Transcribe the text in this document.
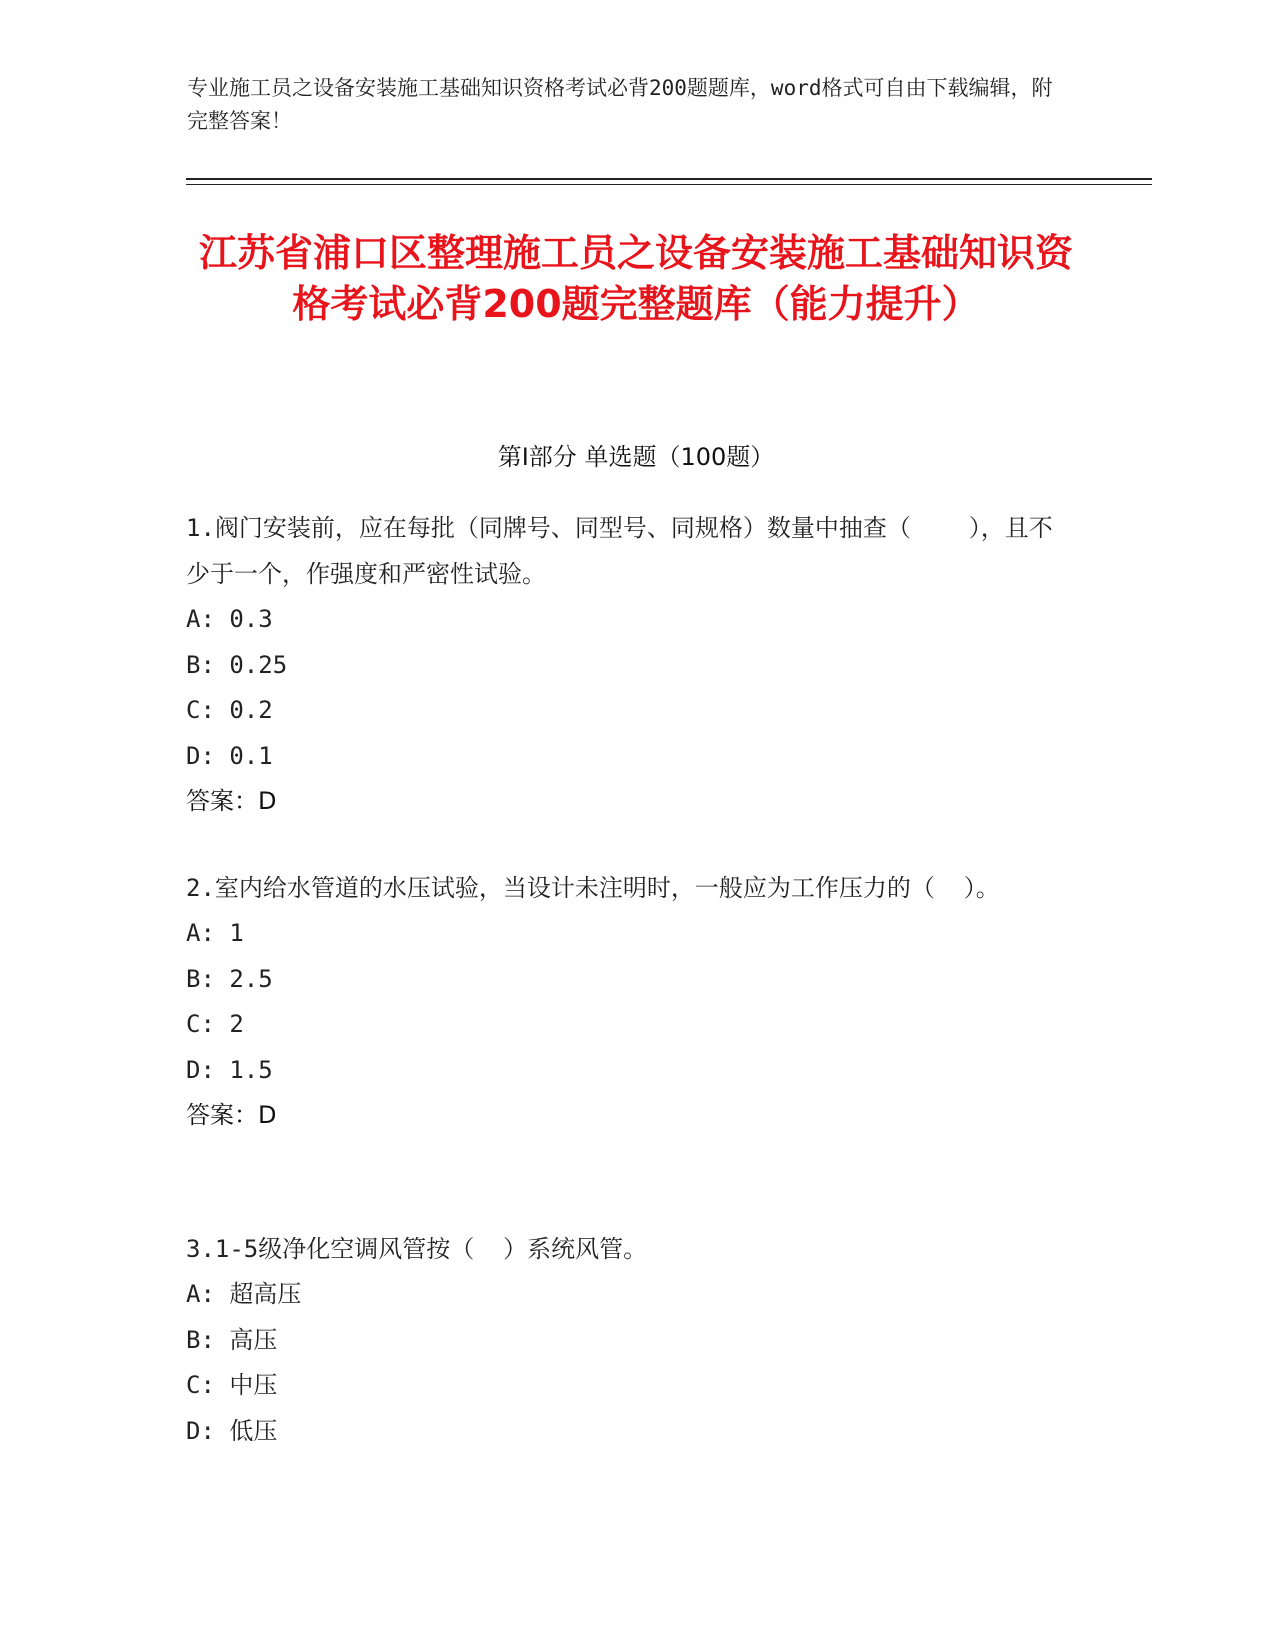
专业施工员之设备安装施工基础知识资格考试必背200题题库，word格式可自由下载编辑，附完整答案！
江苏省浦口区整理施工员之设备安装施工基础知识资格考试必背200题完整题库（能力提升）
第Ⅰ部分 单选题（100题）
1.阀门安装前，应在每批（同牌号、同型号、同规格）数量中抽查（    ），且不少于一个，作强度和严密性试验。
A: 0.3
B: 0.25
C: 0.2
D: 0.1
答案：D
2.室内给水管道的水压试验，当设计未注明时，一般应为工作压力的（  ）。
A: 1
B: 2.5
C: 2
D: 1.5
答案：D
3.1-5级净化空调风管按（  ）系统风管。
A: 超高压
B: 高压
C: 中压
D: 低压
